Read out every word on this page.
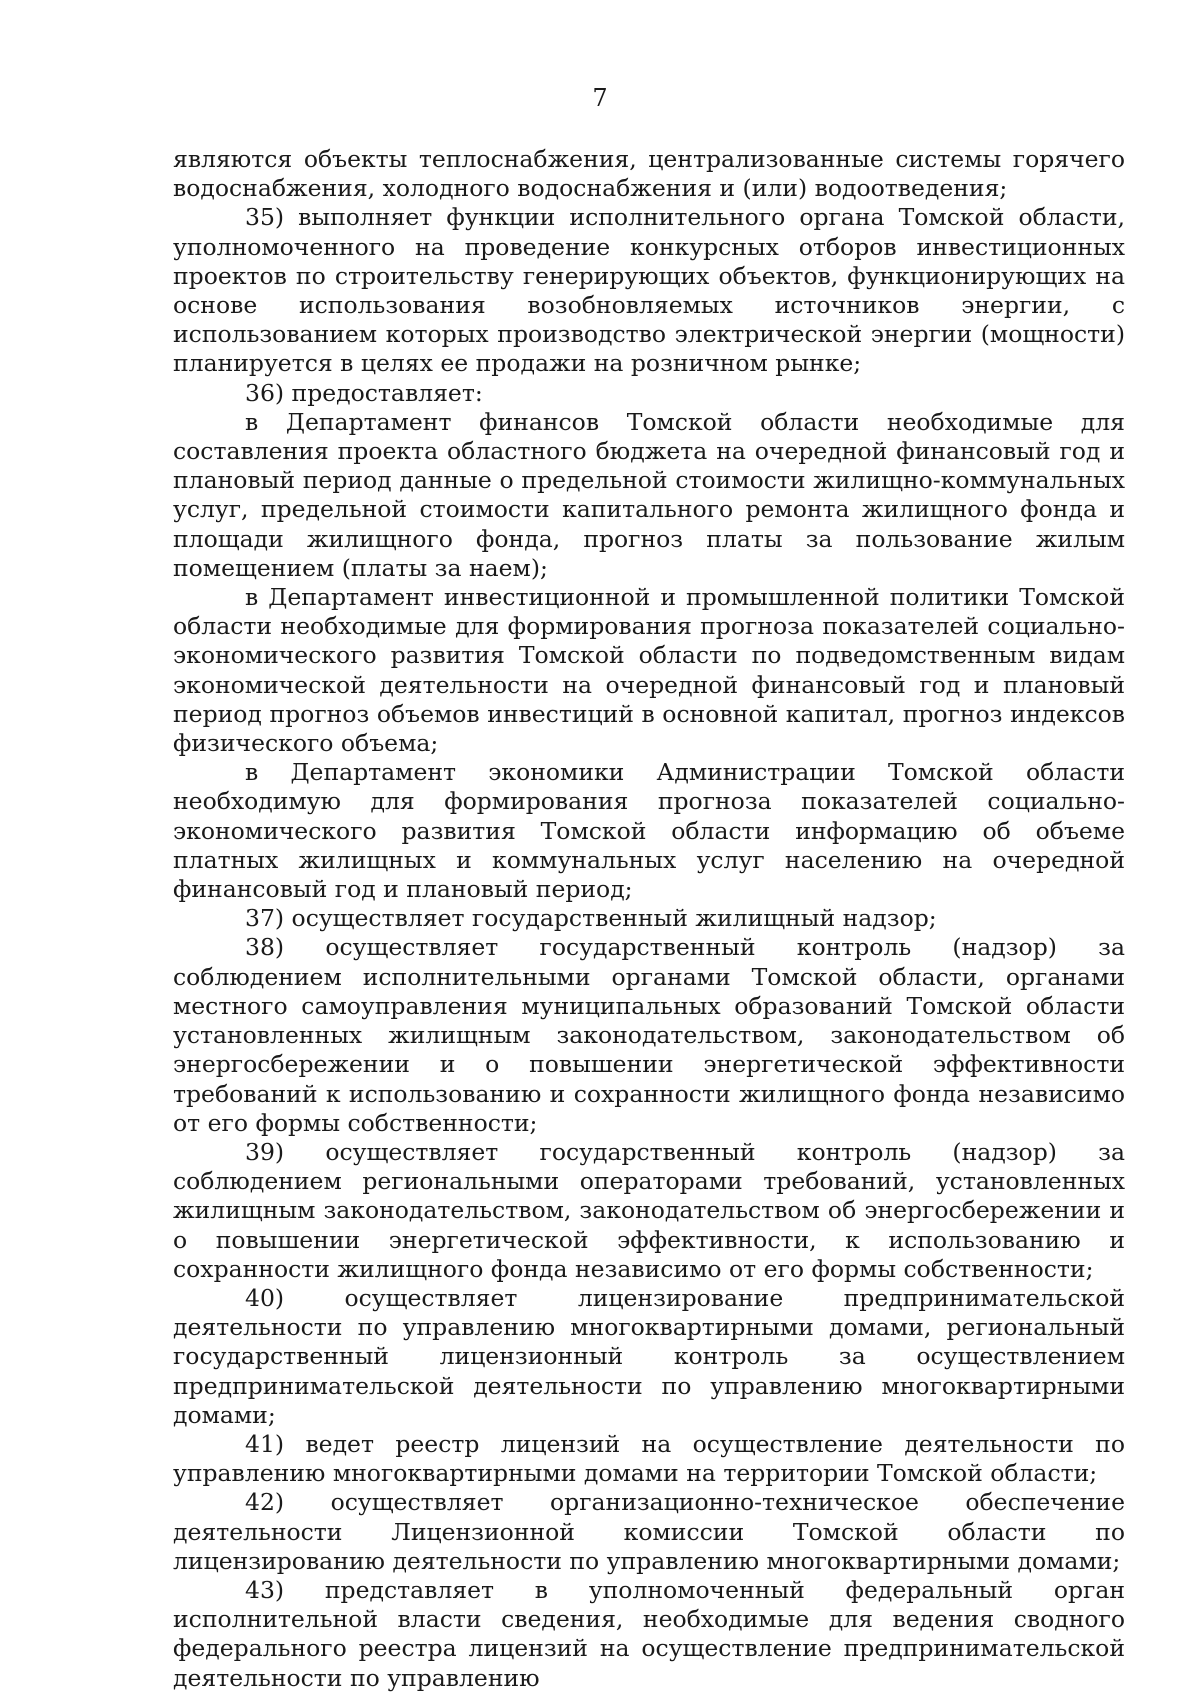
7

являются объекты теплоснабжения, централизованные системы горячего водоснабжения, холодного водоснабжения и (или) водоотведения;

35) выполняет функции исполнительного органа Томской области, уполномоченного на проведение конкурсных отборов инвестиционных проектов по строительству генерирующих объектов, функционирующих на основе использования возобновляемых источников энергии, с использованием которых производство электрической энергии (мощности) планируется в целях ее продажи на розничном рынке;

36) предоставляет:

в Департамент финансов Томской области необходимые для составления проекта областного бюджета на очередной финансовый год и плановый период данные о предельной стоимости жилищно-коммунальных услуг, предельной стоимости капитального ремонта жилищного фонда и площади жилищного фонда, прогноз платы за пользование жилым помещением (платы за наем);

в Департамент инвестиционной и промышленной политики Томской области необходимые для формирования прогноза показателей социально-экономического развития Томской области по подведомственным видам экономической деятельности на очередной финансовый год и плановый период прогноз объемов инвестиций в основной капитал, прогноз индексов физического объема;

в Департамент экономики Администрации Томской области необходимую для формирования прогноза показателей социально-экономического развития Томской области информацию об объеме платных жилищных и коммунальных услуг населению на очередной финансовый год и плановый период;

37) осуществляет государственный жилищный надзор;

38) осуществляет государственный контроль (надзор) за соблюдением исполнительными органами Томской области, органами местного самоуправления муниципальных образований Томской области установленных жилищным законодательством, законодательством об энергосбережении и о повышении энергетической эффективности требований к использованию и сохранности жилищного фонда независимо от его формы собственности;

39) осуществляет государственный контроль (надзор) за соблюдением региональными операторами требований, установленных жилищным законодательством, законодательством об энергосбережении и о повышении энергетической эффективности, к использованию и сохранности жилищного фонда независимо от его формы собственности;

40) осуществляет лицензирование предпринимательской деятельности по управлению многоквартирными домами, региональный государственный лицензионный контроль за осуществлением предпринимательской деятельности по управлению многоквартирными домами;

41) ведет реестр лицензий на осуществление деятельности по управлению многоквартирными домами на территории Томской области;

42) осуществляет организационно-техническое обеспечение деятельности Лицензионной комиссии Томской области по лицензированию деятельности по управлению многоквартирными домами;

43) представляет в уполномоченный федеральный орган исполнительной власти сведения, необходимые для ведения сводного федерального реестра лицензий на осуществление предпринимательской деятельности по управлению
